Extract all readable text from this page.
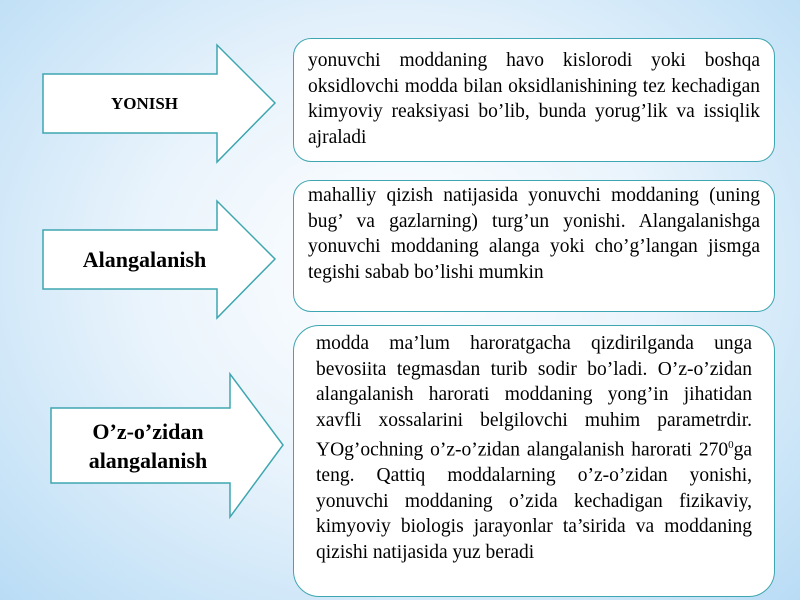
YONISH
yonuvchi moddaning havo kislorodi yoki boshqa oksidlovchi modda bilan oksidlanishining tez kechadigan kimyoviy reaksiyasi bo’lib, bunda yorug’lik va issiqlik ajraladi
Alangalanish
mahalliy qizish natijasida yonuvchi moddaning (uning bug’ va gazlarning) turg’un yonishi. Alangalanishga yonuvchi moddaning alanga yoki cho’g’langan jismga tegishi sabab bo’lishi mumkin
O’z-o’zidan alangalanish
modda ma’lum haroratgacha qizdirilganda unga bevosiita tegmasdan turib sodir bo’ladi. O’z-o’zidan alangalanish harorati moddaning yong’in jihatidan xavfli xossalarini belgilovchi muhim parametrdir. YOg’ochning o’z-o’zidan alangalanish harorati $270^0ga$ teng. Qattiq moddalarning o’z-o’zidan yonishi, yonuvchi moddaning o’zida kechadigan fizikaviy, kimyoviy biologis jarayonlar ta’sirida va moddaning qizishi natijasida yuz beradi
